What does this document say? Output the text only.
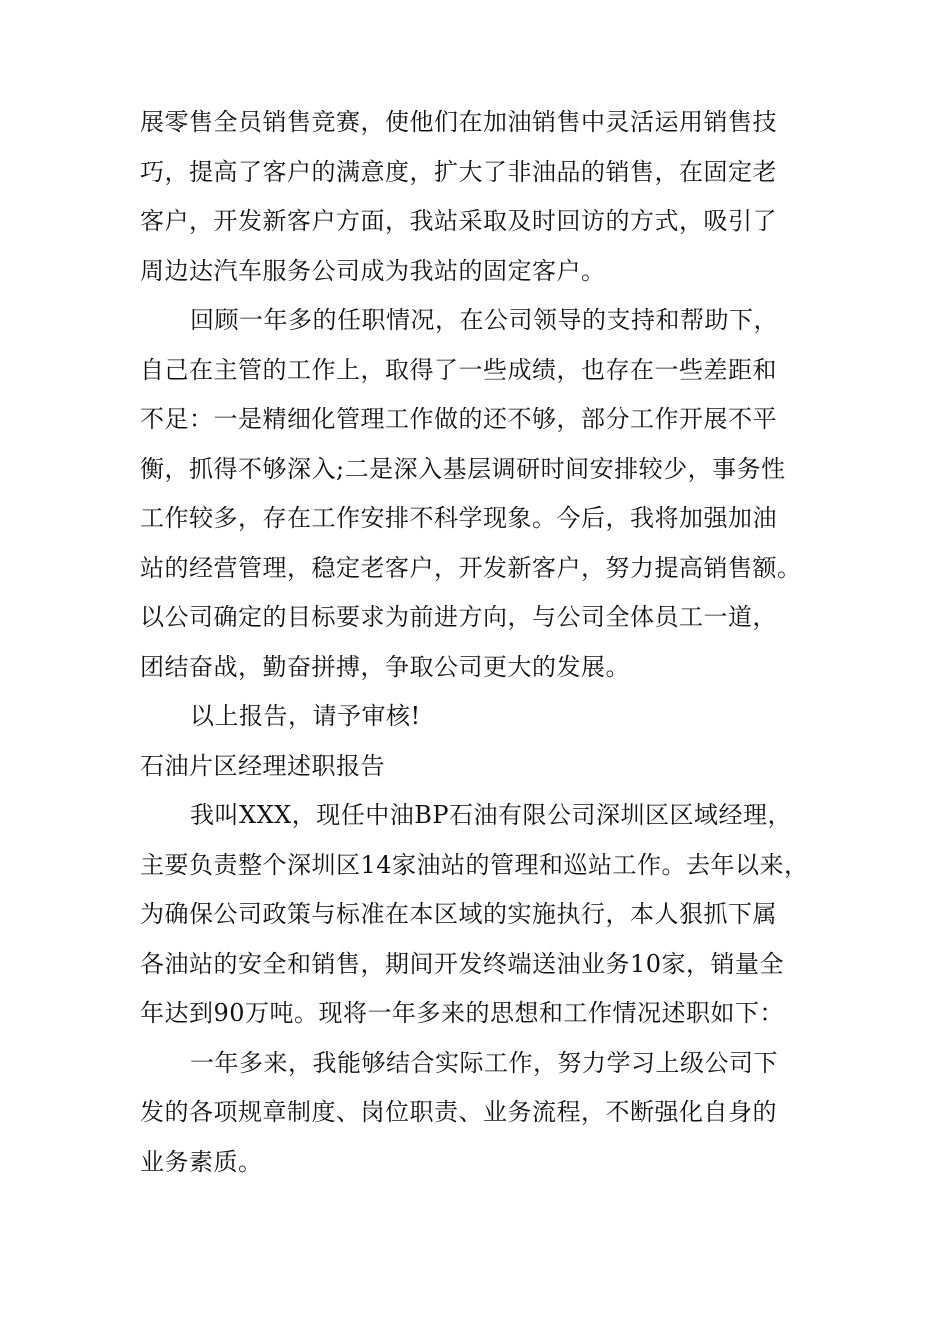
展零售全员销售竞赛，使他们在加油销售中灵活运用销售技
巧，提高了客户的满意度，扩大了非油品的销售，在固定老
客户，开发新客户方面，我站采取及时回访的方式，吸引了
周边达汽车服务公司成为我站的固定客户。
回顾一年多的任职情况，在公司领导的支持和帮助下，
自己在主管的工作上，取得了一些成绩，也存在一些差距和
不足：一是精细化管理工作做的还不够，部分工作开展不平
衡，抓得不够深入;二是深入基层调研时间安排较少，事务性
工作较多，存在工作安排不科学现象。今后，我将加强加油
站的经营管理，稳定老客户，开发新客户，努力提高销售额。
以公司确定的目标要求为前进方向，与公司全体员工一道，
团结奋战，勤奋拼搏，争取公司更大的发展。
以上报告，请予审核!
石油片区经理述职报告
我叫XXX，现任中油BP石油有限公司深圳区区域经理，
主要负责整个深圳区14家油站的管理和巡站工作。去年以来，
为确保公司政策与标准在本区域的实施执行，本人狠抓下属
各油站的安全和销售，期间开发终端送油业务10家，销量全
年达到90万吨。现将一年多来的思想和工作情况述职如下：
一年多来，我能够结合实际工作，努力学习上级公司下
发的各项规章制度、岗位职责、业务流程，不断强化自身的
业务素质。
